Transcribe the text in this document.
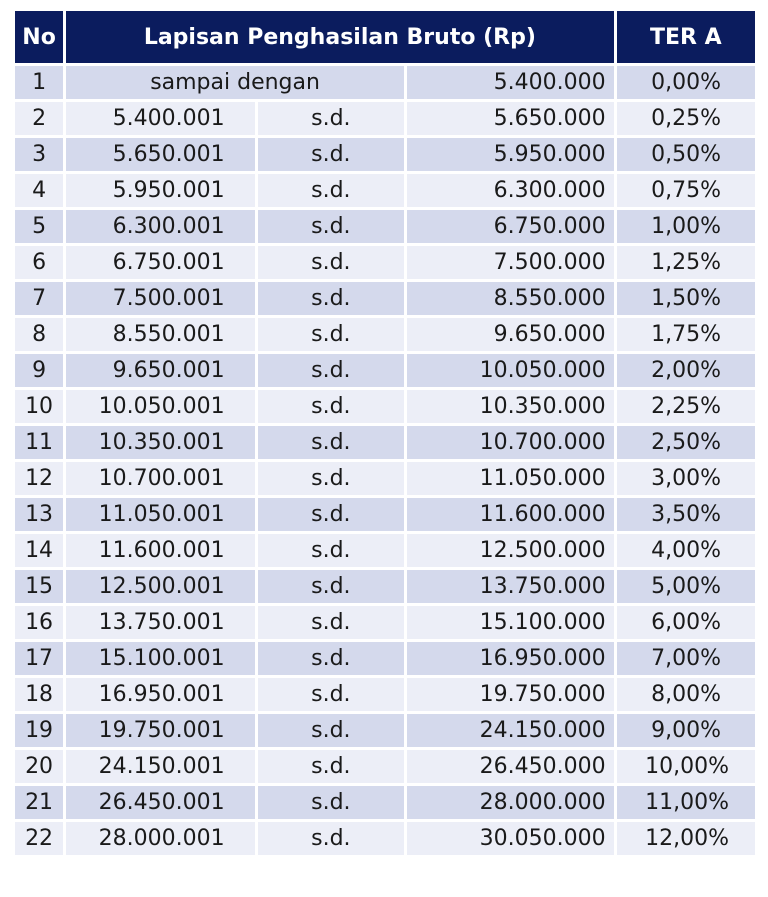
No	Lapisan Penghasilan Bruto (Rp)			TER A
1	sampai dengan		5.400.000	0,00%
2	5.400.001	s.d.	5.650.000	0,25%
3	5.650.001	s.d.	5.950.000	0,50%
4	5.950.001	s.d.	6.300.000	0,75%
5	6.300.001	s.d.	6.750.000	1,00%
6	6.750.001	s.d.	7.500.000	1,25%
7	7.500.001	s.d.	8.550.000	1,50%
8	8.550.001	s.d.	9.650.000	1,75%
9	9.650.001	s.d.	10.050.000	2,00%
10	10.050.001	s.d.	10.350.000	2,25%
11	10.350.001	s.d.	10.700.000	2,50%
12	10.700.001	s.d.	11.050.000	3,00%
13	11.050.001	s.d.	11.600.000	3,50%
14	11.600.001	s.d.	12.500.000	4,00%
15	12.500.001	s.d.	13.750.000	5,00%
16	13.750.001	s.d.	15.100.000	6,00%
17	15.100.001	s.d.	16.950.000	7,00%
18	16.950.001	s.d.	19.750.000	8,00%
19	19.750.001	s.d.	24.150.000	9,00%
20	24.150.001	s.d.	26.450.000	10,00%
21	26.450.001	s.d.	28.000.000	11,00%
22	28.000.001	s.d.	30.050.000	12,00%
